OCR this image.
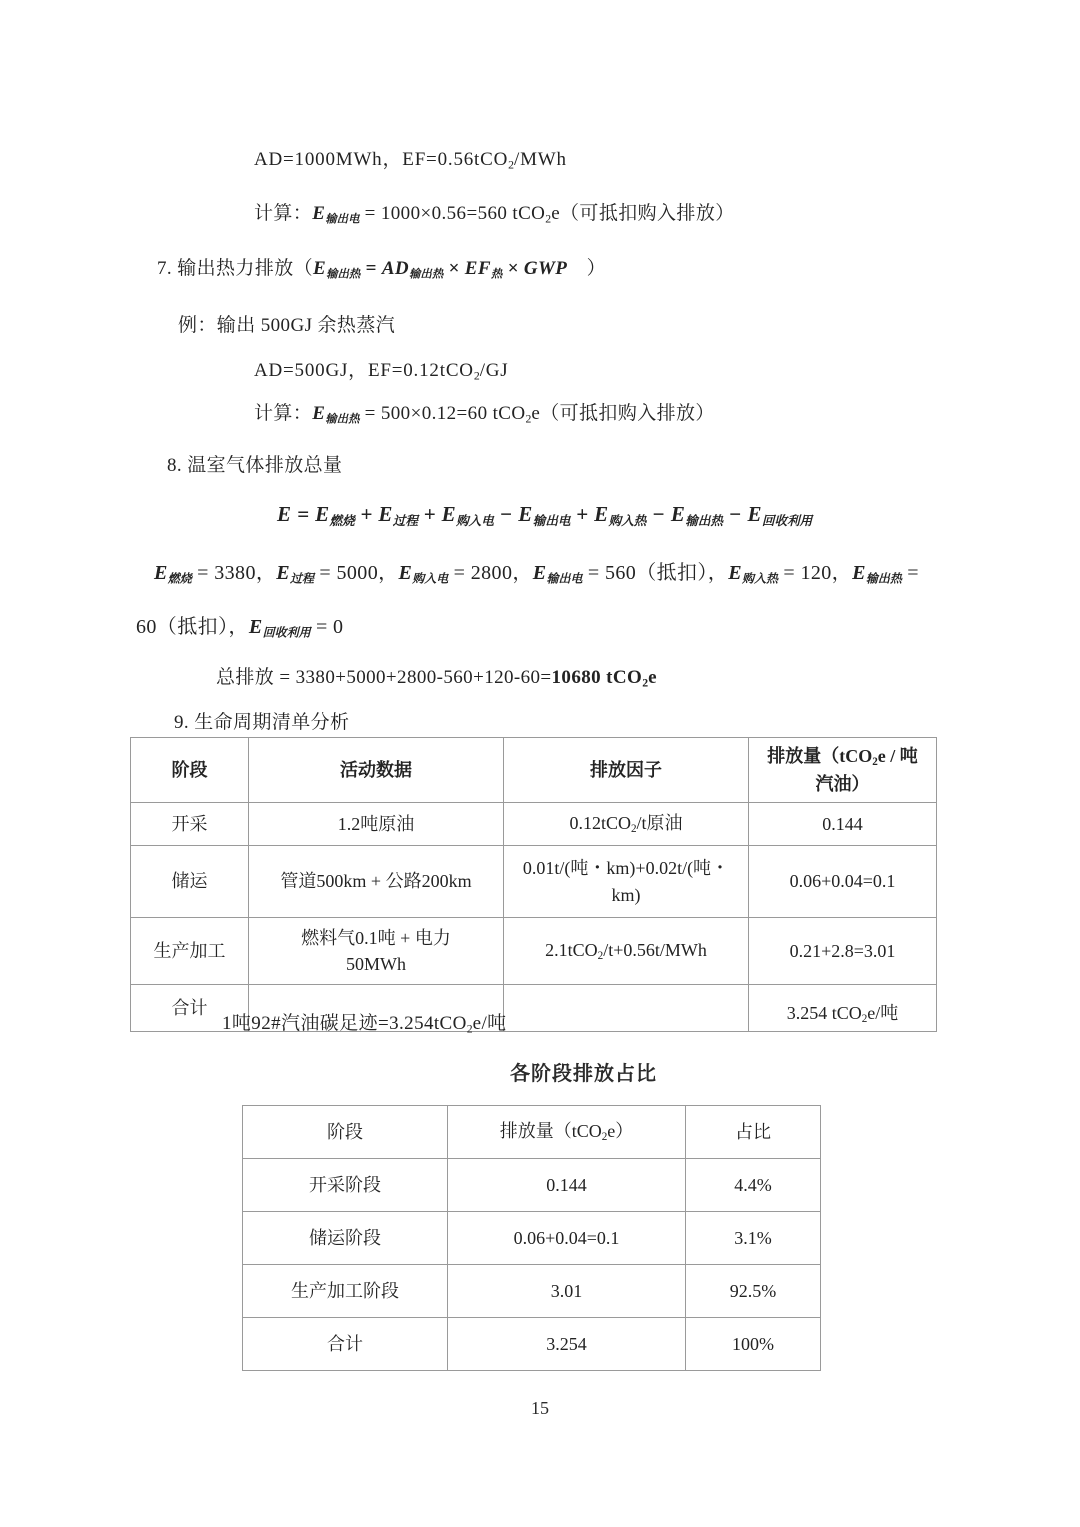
AD=1000MWh，EF=0.56tCO$_2$/MWh
计算：E输出电 = 1000×0.56=560 tCO$_2$e（可抵扣购入排放）
7. 输出热力排放（E输出热 = AD输出热 × EF热 × GWP　）
例：输出 500GJ 余热蒸汽
AD=500GJ，EF=0.12tCO$_2$/GJ
计算：E输出热 = 500×0.12=60 tCO$_2$e（可抵扣购入排放）
8. 温室气体排放总量
E = E燃烧 + E过程 + E购入电 − E输出电 + E购入热 − E输出热 − E回收利用
E燃烧 = 3380，E过程 = 5000，E购入电 = 2800，E输出电 = 560（抵扣），E购入热 = 120，E输出热 =
60（抵扣），E回收利用 = 0
总排放 = 3380+5000+2800-560+120-60=10680 tCO$_2$e
9. 生命周期清单分析
阶段	活动数据	排放因子	排放量（tCO$_2$e / 吨
汽油）
开采	1.2吨原油	0.12tCO$_2$/t原油	0.144
储运	管道500km + 公路200km	0.01t/(吨・km)+0.02t/(吨・
km)	0.06+0.04=0.1
生产加工	燃料气0.1吨 + 电力
50MWh	2.1tCO$_2$/t+0.56t/MWh	0.21+2.8=3.01
合计			3.254 tCO$_2$e/吨
1吨92#汽油碳足迹=3.254tCO$_2$e/吨
各阶段排放占比
阶段	排放量（tCO$_2$e）	占比
开采阶段	0.144	4.4%
储运阶段	0.06+0.04=0.1	3.1%
生产加工阶段	3.01	92.5%
合计	3.254	100%
15
